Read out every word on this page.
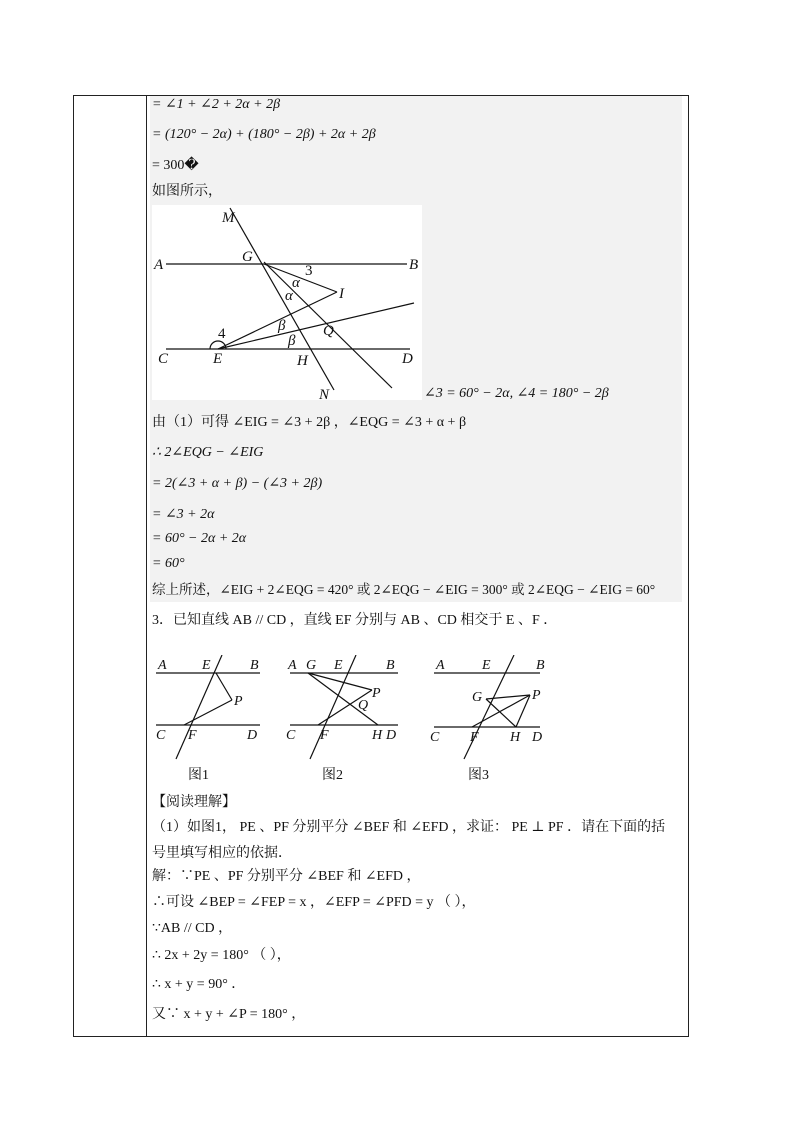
= ∠1 + ∠2 + 2α + 2β
= (120° − 2α) + (180° − 2β) + 2α + 2β
= 300�
如图所示，
M
G
A	B
3
α
α	I
4	β
β
Q
C	E	H	D
N	∠3 = 60° − 2α, ∠4 = 180° − 2β
由（1）可得 ∠EIG = ∠3 + 2β ，∠EQG = ∠3 + α + β
∴ 2∠EQG − ∠EIG
= 2(∠3 + α + β) − (∠3 + 2β)
= ∠3 + 2α
= 60° − 2α + 2α
= 60°
综上所述，∠EIG + 2∠EQG = 420° 或 2∠EQG − ∠EIG = 300° 或 2∠EQG − ∠EIG = 60°
3．已知直线 AB // CD ，直线 EF 分别与 AB 、CD 相交于 E 、F ．
A	E	B
P
C F	D
图1
A G E	B
P
Q
C F	H D
图2
A	E	B
G	P
C F H D
图3
【阅读理解】
（1）如图1， PE 、PF 分别平分 ∠BEF 和 ∠EFD ，求证： PE ⊥ PF ．请在下面的括
号里填写相应的依据．
解：∵PE 、PF 分别平分 ∠BEF 和 ∠EFD ，
∴可设 ∠BEP = ∠FEP = x ，∠EFP = ∠PFD = y （ ），
∵AB // CD ，
∴ 2x + 2y = 180° （ ），
∴ x + y = 90° ．
又∵ x + y + ∠P = 180° ，
